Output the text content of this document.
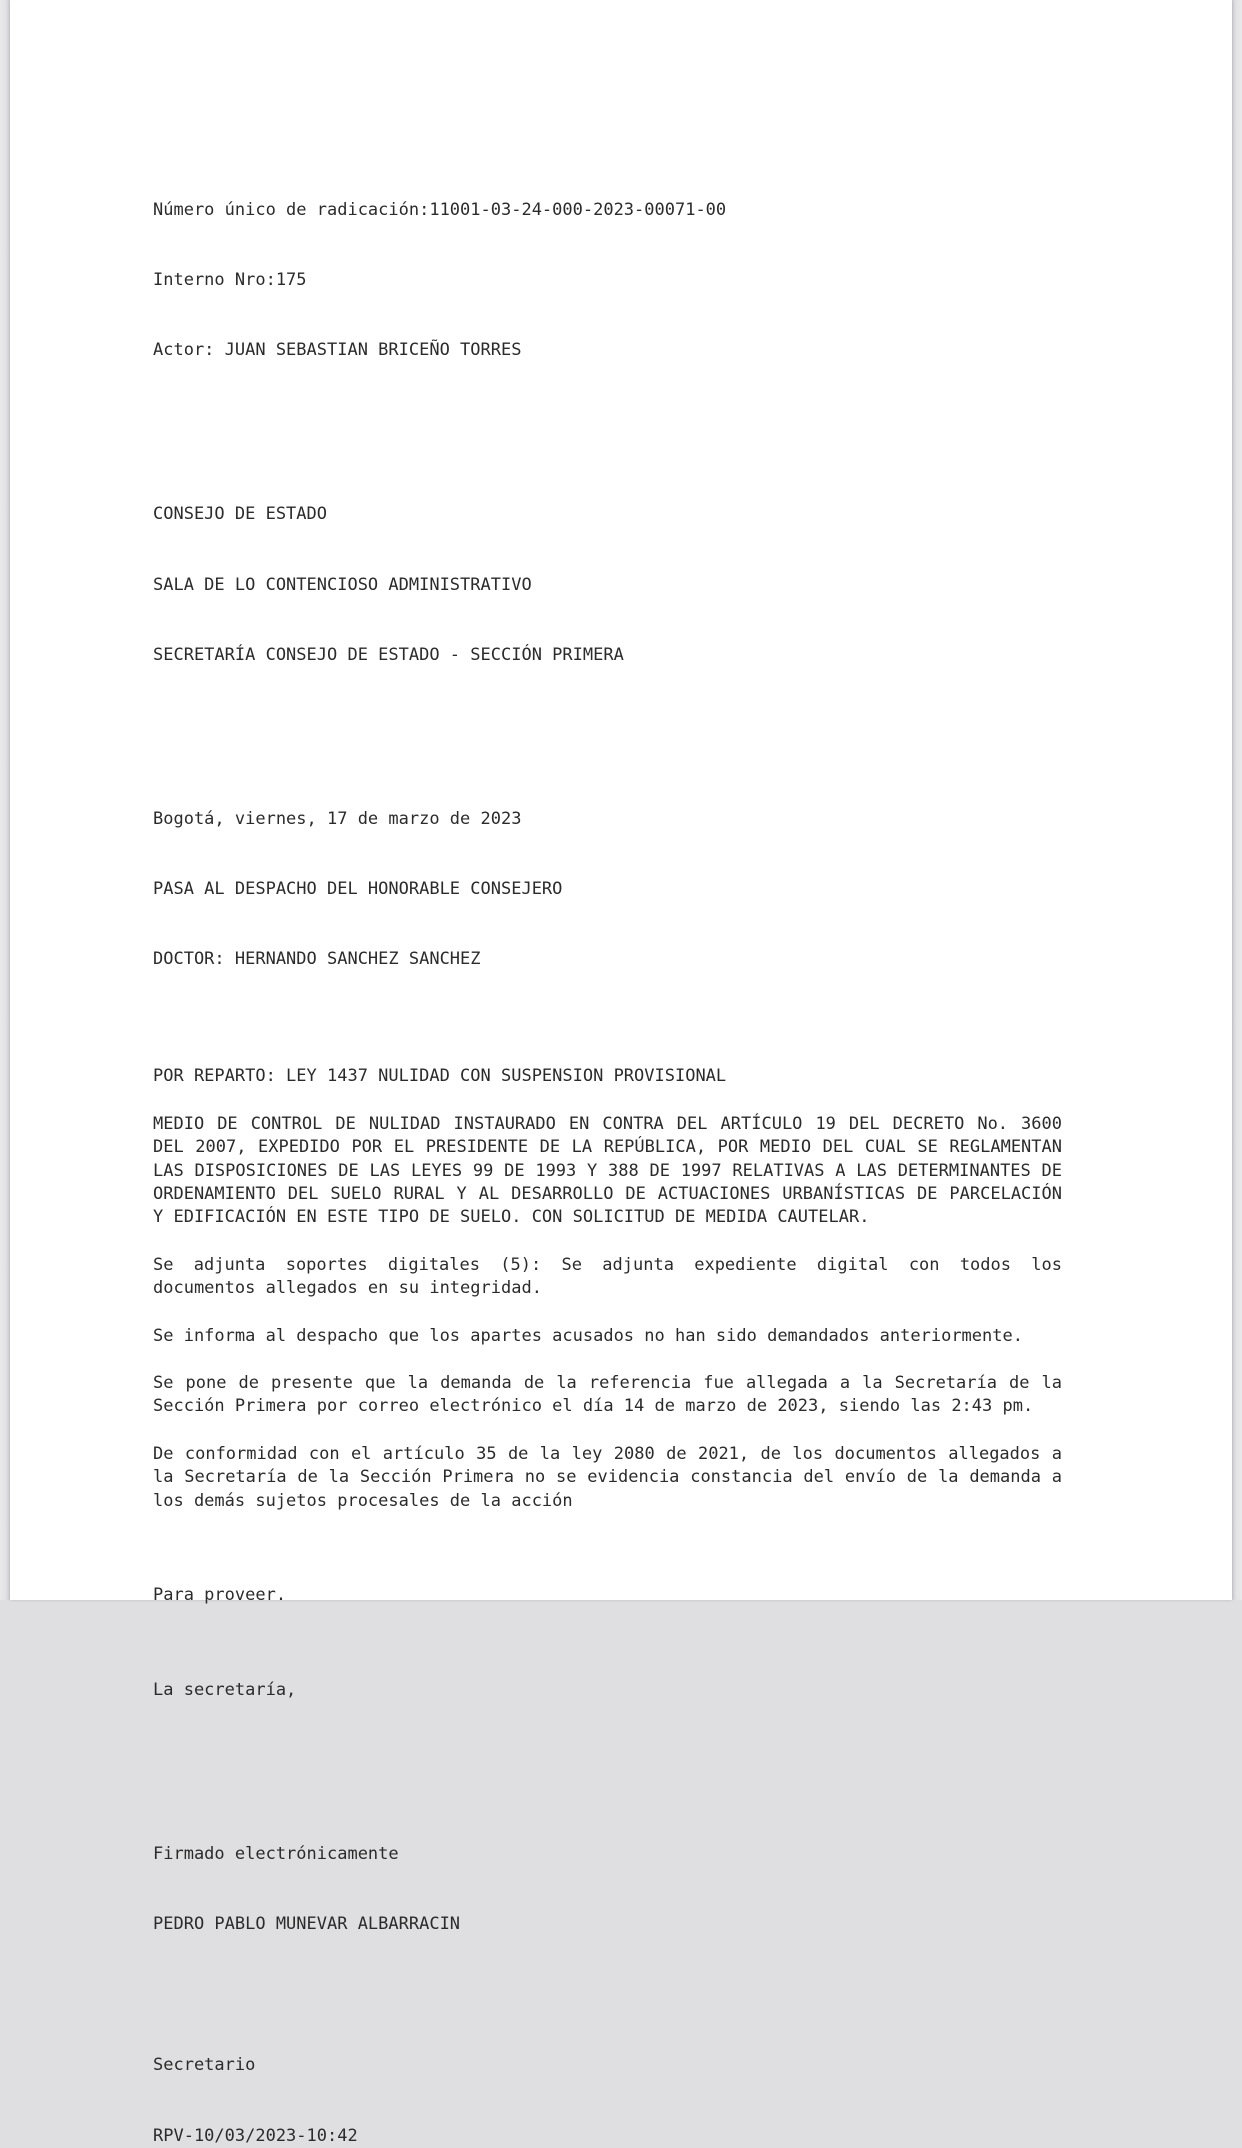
Número único de radicación:11001-03-24-000-2023-00071-00

Interno Nro:175

Actor: JUAN SEBASTIAN BRICEÑO TORRES

CONSEJO DE ESTADO

SALA DE LO CONTENCIOSO ADMINISTRATIVO

SECRETARÍA CONSEJO DE ESTADO - SECCIÓN PRIMERA

Bogotá, viernes, 17 de marzo de 2023

PASA AL DESPACHO DEL HONORABLE CONSEJERO

DOCTOR: HERNANDO SANCHEZ SANCHEZ

POR REPARTO: LEY 1437 NULIDAD CON SUSPENSION PROVISIONAL
MEDIO DE CONTROL DE NULIDAD INSTAURADO EN CONTRA DEL ARTÍCULO 19 DEL DECRETO No. 3600 DEL 2007, EXPEDIDO POR EL PRESIDENTE DE LA REPÚBLICA, POR MEDIO DEL CUAL SE REGLAMENTAN LAS DISPOSICIONES DE LAS LEYES 99 DE 1993 Y 388 DE 1997 RELATIVAS A LAS DETERMINANTES DE ORDENAMIENTO DEL SUELO RURAL Y AL DESARROLLO DE ACTUACIONES URBANÍSTICAS DE PARCELACIÓN Y EDIFICACIÓN EN ESTE TIPO DE SUELO. CON SOLICITUD DE MEDIDA CAUTELAR.
Se adjunta soportes digitales (5): Se adjunta expediente digital con todos los documentos allegados en su integridad.
Se informa al despacho que los apartes acusados no han sido demandados anteriormente.
Se pone de presente que la demanda de la referencia fue allegada a la Secretaría de la Sección Primera por correo electrónico el día 14 de marzo de 2023, siendo las 2:43 pm.
De conformidad con el artículo 35 de la ley 2080 de 2021, de los documentos allegados a la Secretaría de la Sección Primera no se evidencia constancia del envío de la demanda a los demás sujetos procesales de la acción
Para proveer.
La secretaría,

Firmado electrónicamente

PEDRO PABLO MUNEVAR ALBARRACIN

Secretario
RPV-10/03/2023-10:42
